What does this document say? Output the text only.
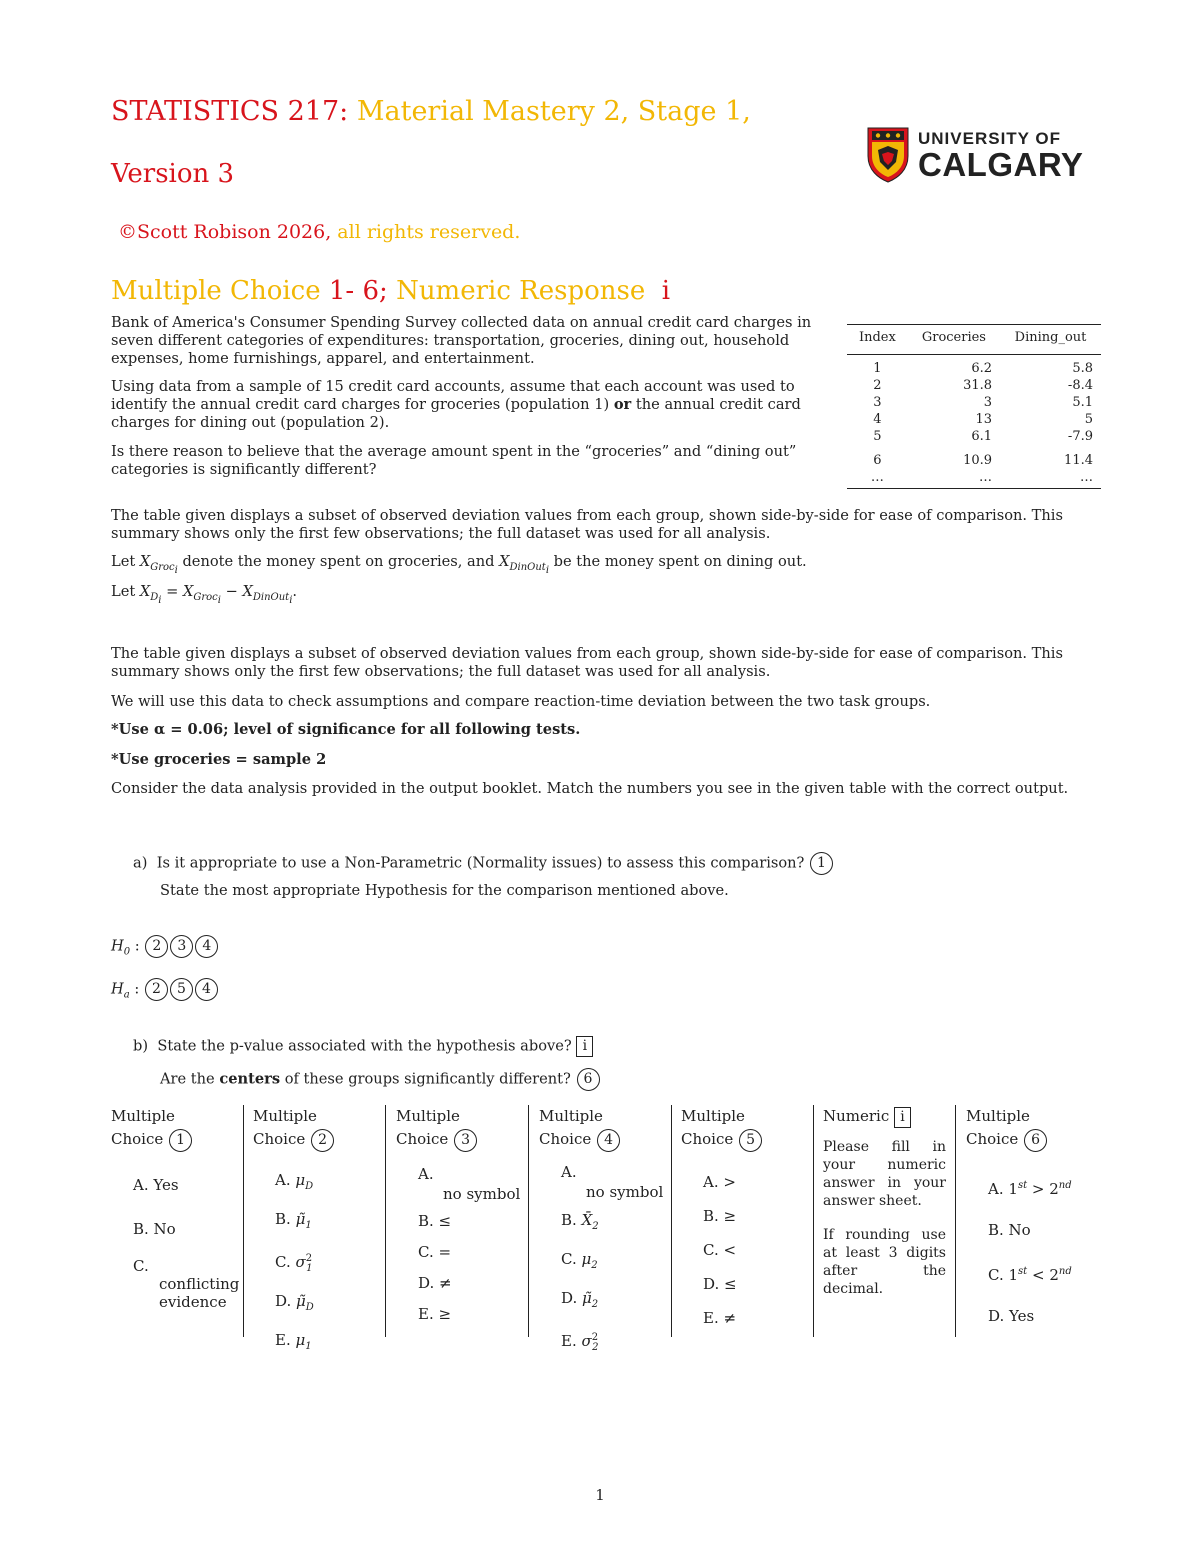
STATISTICS 217: Material Mastery 2, Stage 1,
Version 3
©Scott Robison 2026, all rights reserved.
UNIVERSITY OF
CALGARY
Multiple Choice 1- 6; Numeric Response i
Bank of America's Consumer Spending Survey collected data on annual credit card charges in seven different categories of expenditures: transportation, groceries, dining out, household expenses, home furnishings, apparel, and entertainment.
Using data from a sample of 15 credit card accounts, assume that each account was used to identify the annual credit card charges for groceries (population 1) or the annual credit card charges for dining out (population 2).
Is there reason to believe that the average amount spent in the “groceries” and “dining out” categories is significantly different?
Index	Groceries	Dining_out
1	6.2	5.8
2	31.8	-8.4
3	3	5.1
4	13	5
5	6.1	-7.9
6	10.9	11.4
…	…	…
The table given displays a subset of observed deviation values from each group, shown side-by-side for ease of comparison. This summary shows only the first few observations; the full dataset was used for all analysis.
Let $X_{Groc_i}$ denote the money spent on groceries, and $X_{DinOut_i}$ be the money spent on dining out.
Let $X_{D_i} = X_{Groc_i} - X_{DinOut_i}$.
The table given displays a subset of observed deviation values from each group, shown side-by-side for ease of comparison. This summary shows only the first few observations; the full dataset was used for all analysis.
We will use this data to check assumptions and compare reaction-time deviation between the two task groups.
*Use α = 0.06; level of significance for all following tests.
*Use groceries = sample 2
Consider the data analysis provided in the output booklet. Match the numbers you see in the given table with the correct output.
a) Is it appropriate to use a Non-Parametric (Normality issues) to assess this comparison? 1
State the most appropriate Hypothesis for the comparison mentioned above.
$H_0$ : 2 3 4
$H_a$ : 2 5 4
b) State the p-value associated with the hypothesis above? i
Are the centers of these groups significantly different? 6
Multiple
Choice 1
A. Yes
B. No
C.
conflicting
evidence
Multiple
Choice 2
A. $\mu_D$
B. $\mũ_1$
C. $\sigma^2_1$
D. $\mũ_D$
E. $\mu_1$
Multiple
Choice 3
A.
no symbol
B. ≤
C. =
D. ≠
E. ≥
Multiple
Choice 4
A.
no symbol
B. $X̄_2$
C. $\mu_2$
D. $\mũ_2$
E. $\sigma^2_2$
Multiple
Choice 5
A. >
B. ≥
C. <
D. ≤
E. ≠
Numeric i
Please fill in your numeric answer in your answer sheet.
If rounding use at least 3 digits after the decimal.
Multiple
Choice 6
A. 1st > 2nd
B. No
C. 1st < 2nd
D. Yes
1
